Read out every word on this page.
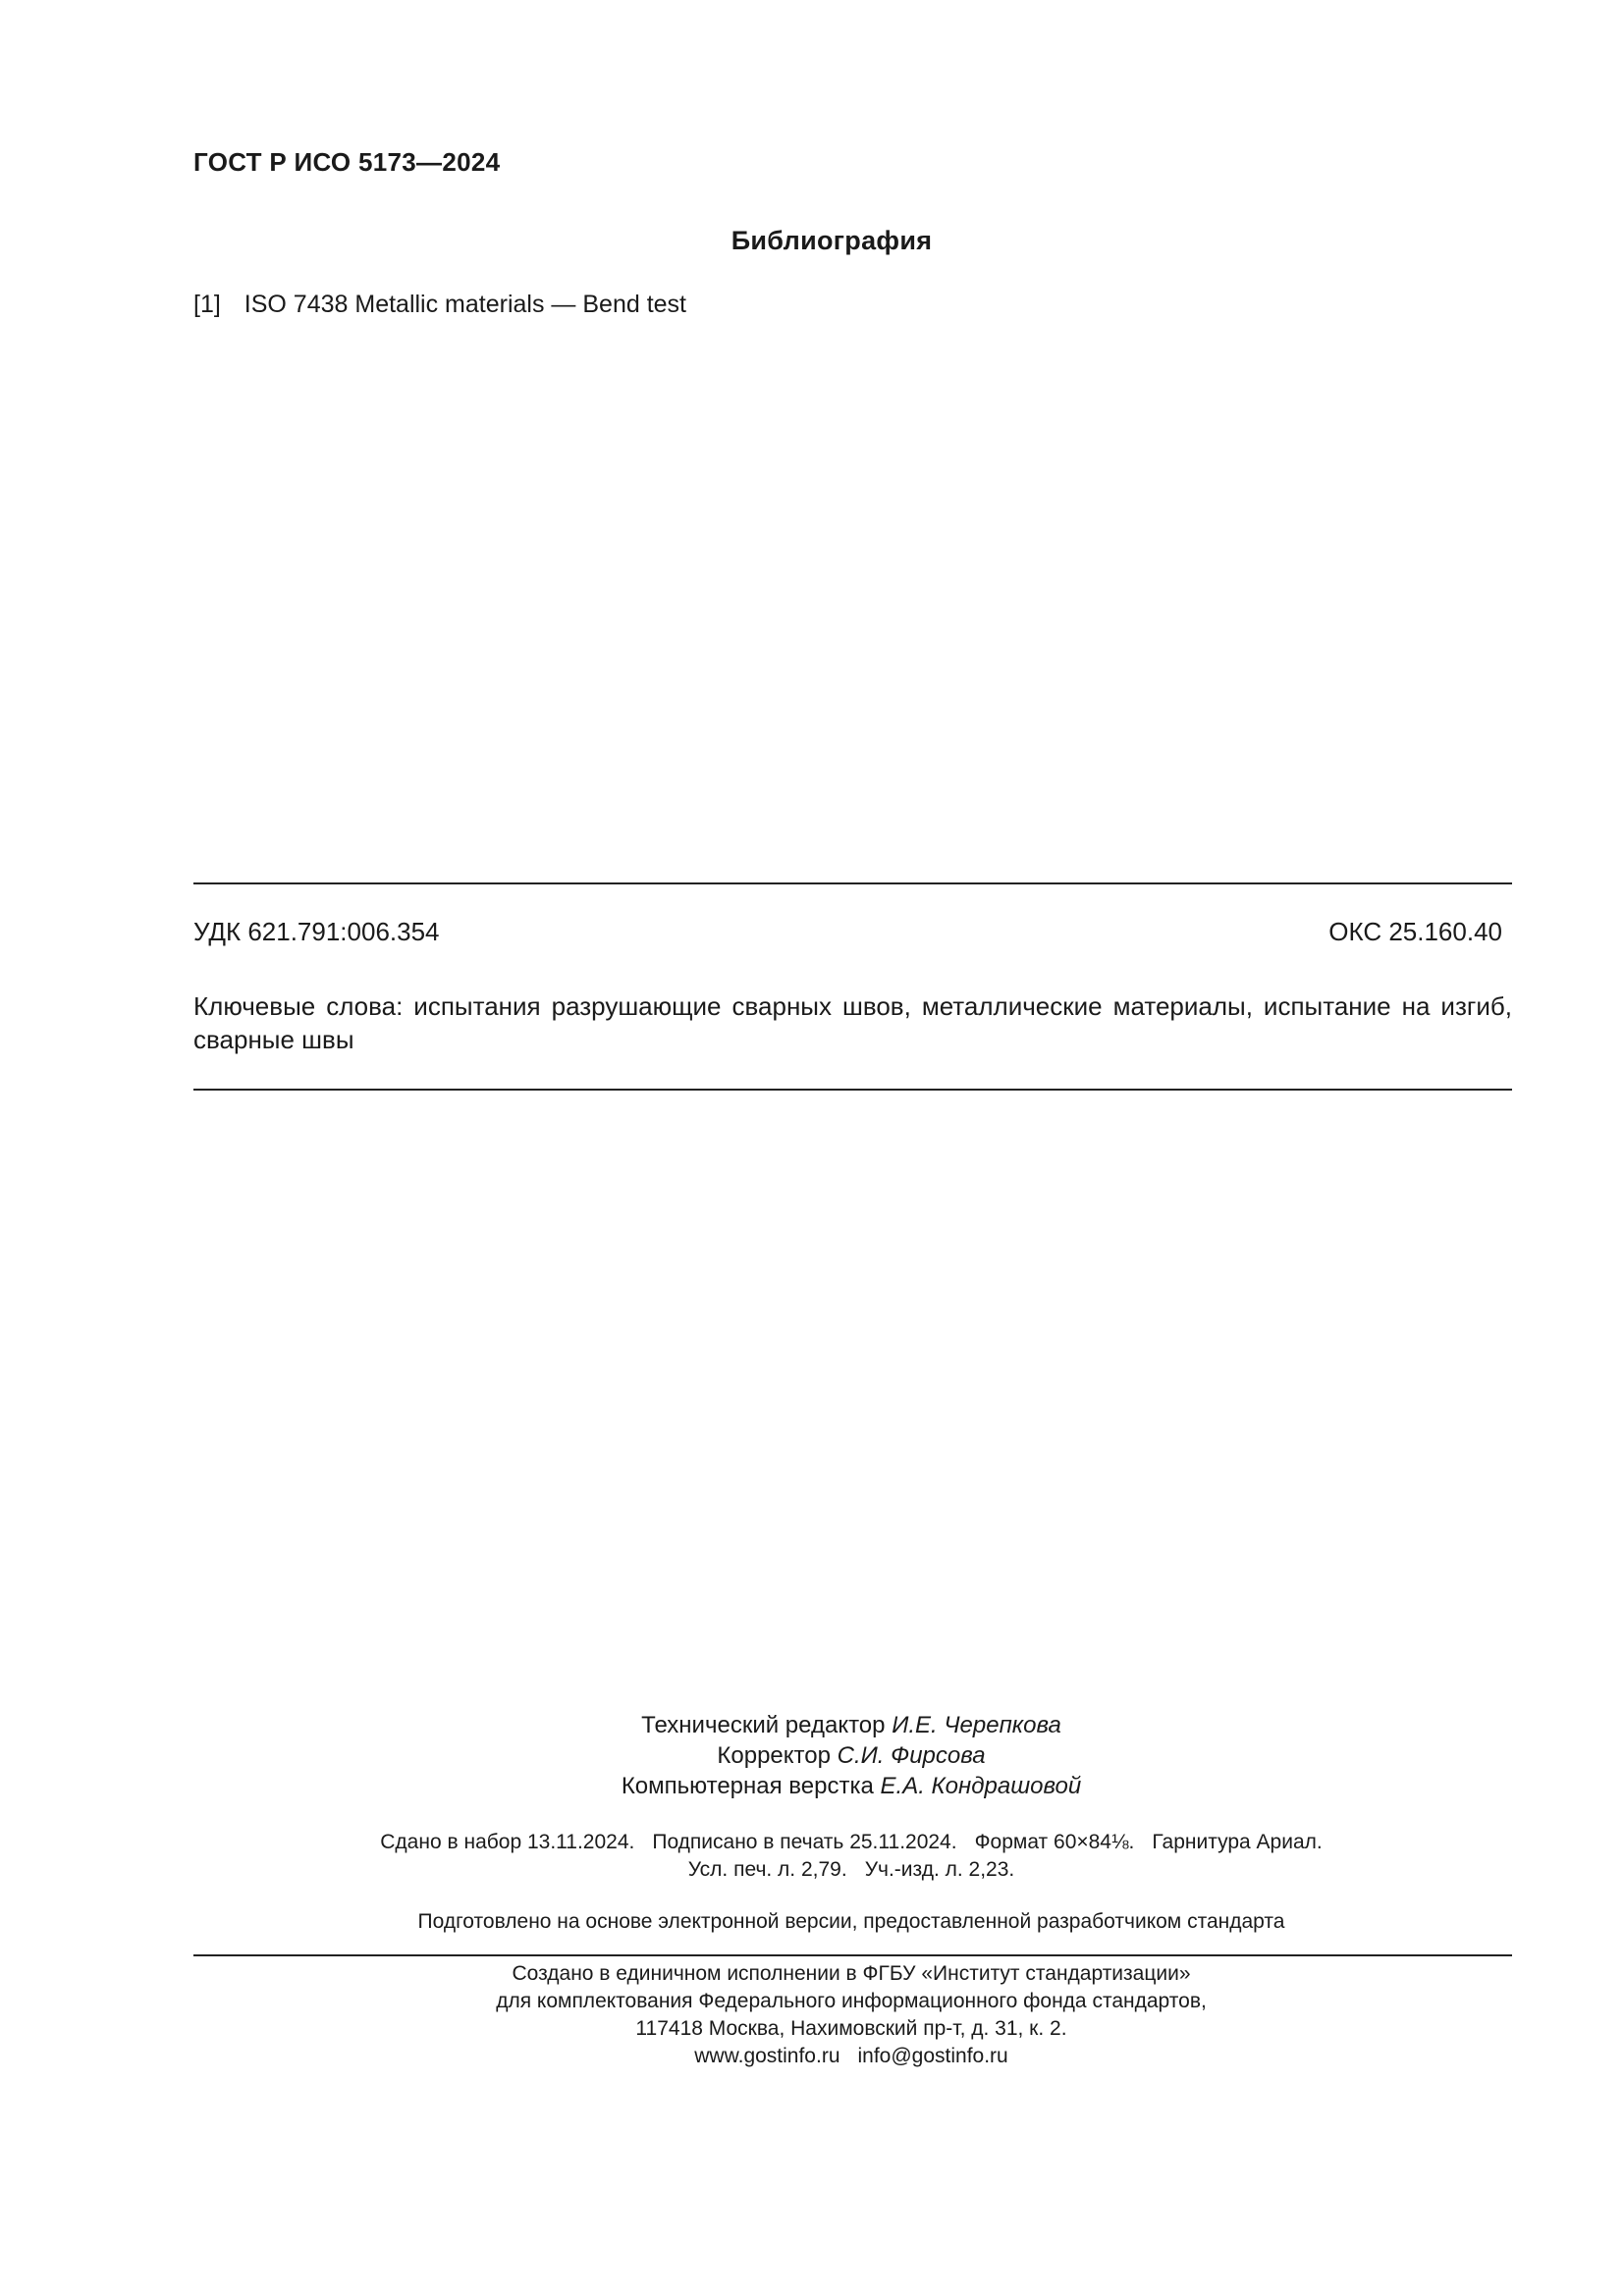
ГОСТ Р ИСО 5173—2024
Библиография
[1] ISO 7438 Metallic materials — Bend test
УДК 621.791:006.354	ОКС 25.160.40
Ключевые слова: испытания разрушающие сварных швов, металлические материалы, испытание на изгиб, сварные швы
Технический редактор И.Е. Черепкова
Корректор С.И. Фирсова
Компьютерная верстка Е.А. Кондрашовой
Сдано в набор 13.11.2024. Подписано в печать 25.11.2024. Формат 60×84⅛. Гарнитура Ариал.
Усл. печ. л. 2,79. Уч.-изд. л. 2,23.
Подготовлено на основе электронной версии, предоставленной разработчиком стандарта
Создано в единичном исполнении в ФГБУ «Институт стандартизации»
для комплектования Федерального информационного фонда стандартов,
117418 Москва, Нахимовский пр-т, д. 31, к. 2.
www.gostinfo.ru info@gostinfo.ru
